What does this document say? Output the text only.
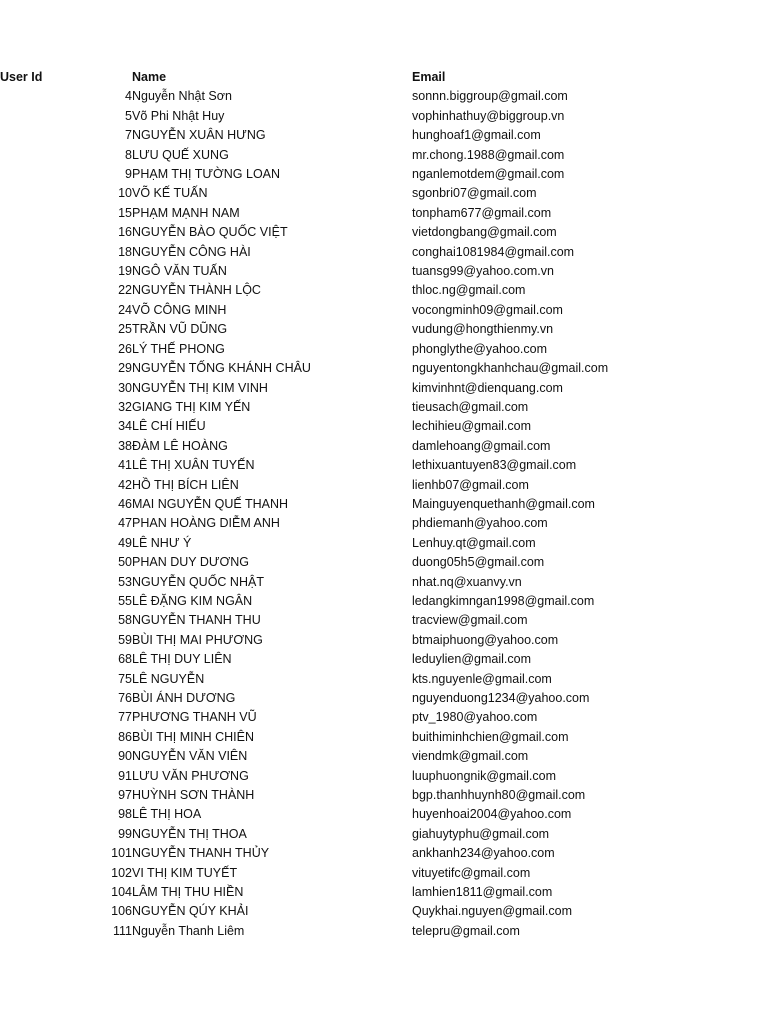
User Id	Name	Email
4	Nguyễn Nhật Sơn	sonnn.biggroup@gmail.com
5	Võ Phi Nhật Huy	vophinhathuy@biggroup.vn
7	NGUYỄN XUÂN HƯNG	hunghoaf1@gmail.com
8	LƯU QUẾ XUNG	mr.chong.1988@gmail.com
9	PHẠM THỊ TƯỜNG LOAN	nganlemotdem@gmail.com
10	VÕ KẾ TUẤN	sgonbri07@gmail.com
15	PHẠM MẠNH NAM	tonpham677@gmail.com
16	NGUYỄN BÀO QUỐC VIỆT	vietdongbang@gmail.com
18	NGUYỄN CÔNG HÀI	conghai1081984@gmail.com
19	NGÔ VĂN TUẤN	tuansg99@yahoo.com.vn
22	NGUYỄN THÀNH LỘC	thloc.ng@gmail.com
24	VÕ CÔNG MINH	vocongminh09@gmail.com
25	TRẦN VŨ DŨNG	vudung@hongthienmy.vn
26	LÝ THẾ PHONG	phonglythe@yahoo.com
29	NGUYỄN TỐNG KHÁNH CHÂU	nguyentongkhanhchau@gmail.com
30	NGUYỄN THỊ KIM VINH	kimvinhnt@dienquang.com
32	GIANG THỊ KIM YẾN	tieusach@gmail.com
34	LÊ CHÍ HIẾU	lechihieu@gmail.com
38	ĐÀM LÊ HOÀNG	damlehoang@gmail.com
41	LÊ THỊ XUÂN TUYẾN	lethixuantuyen83@gmail.com
42	HỒ THỊ BÍCH LIÊN	lienhb07@gmail.com
46	MAI NGUYỄN QUẾ THANH	Mainguyenquethanh@gmail.com
47	PHAN HOÀNG DIỄM ANH	phdiemanh@yahoo.com
49	LÊ NHƯ Ý	Lenhuy.qt@gmail.com
50	PHAN DUY DƯƠNG	duong05h5@gmail.com
53	NGUYỄN QUỐC NHẬT	nhat.nq@xuanvy.vn
55	LÊ ĐẶNG KIM NGÂN	ledangkimngan1998@gmail.com
58	NGUYỄN THANH THU	tracview@gmail.com
59	BÙI THỊ MAI PHƯƠNG	btmaiphuong@yahoo.com
68	LÊ THỊ DUY LIÊN	leduylien@gmail.com
75	LÊ NGUYỄN	kts.nguyenle@gmail.com
76	BÙI ÁNH DƯƠNG	nguyenduong1234@yahoo.com
77	PHƯƠNG THANH VŨ	ptv_1980@yahoo.com
86	BÙI THỊ MINH CHIÊN	buithiminhchien@gmail.com
90	NGUYỄN VĂN VIÊN	viendmk@gmail.com
91	LƯU VĂN PHƯƠNG	luuphuongnik@gmail.com
97	HUỲNH SƠN THÀNH	bgp.thanhhuynh80@gmail.com
98	LÊ THỊ HOA	huyenhoai2004@yahoo.com
99	NGUYỄN THỊ THOA	giahuytyphu@gmail.com
101	NGUYỄN THANH THỦY	ankhanh234@yahoo.com
102	VI THỊ KIM TUYẾT	vituyetifc@gmail.com
104	LÂM THỊ THU HIỀN	lamhien1811@gmail.com
106	NGUYỄN QÚY KHẢI	Quykhai.nguyen@gmail.com
111	Nguyễn Thanh Liêm	telepru@gmail.com
